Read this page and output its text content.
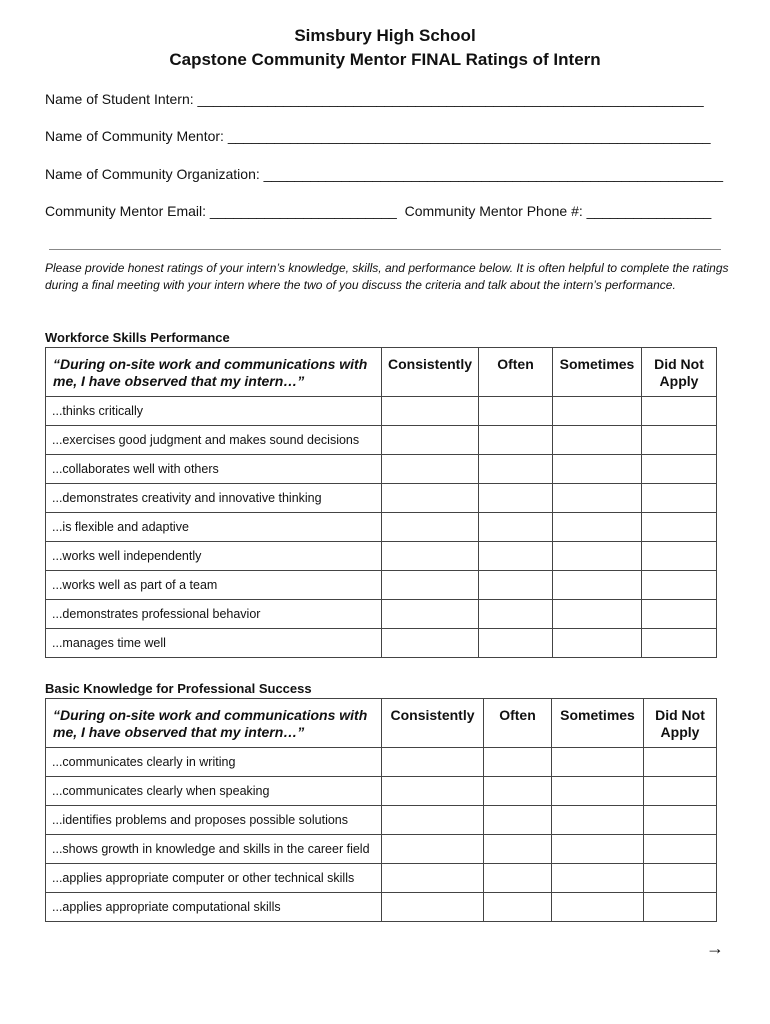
Simsbury High School
Capstone Community Mentor FINAL Ratings of Intern
Name of Student Intern: _________________________________________________________________
Name of Community Mentor: ______________________________________________________________
Name of Community Organization: ___________________________________________________________
Community Mentor Email: ________________________  Community Mentor Phone #: ________________
Please provide honest ratings of your intern’s knowledge, skills, and performance below. It is often helpful to complete the ratings during a final meeting with your intern where the two of you discuss the criteria and talk about the intern’s performance.
Workforce Skills Performance
“During on-site work and communications with me, I have observed that my intern…”	Consistently	Often	Sometimes	Did Not Apply
...thinks critically				
...exercises good judgment and makes sound decisions				
...collaborates well with others				
...demonstrates creativity and innovative thinking				
...is flexible and adaptive				
...works well independently				
...works well as part of a team				
...demonstrates professional behavior				
...manages time well				
Basic Knowledge for Professional Success
“During on-site work and communications with me, I have observed that my intern…”	Consistently	Often	Sometimes	Did Not Apply
...communicates clearly in writing				
...communicates clearly when speaking				
...identifies problems and proposes possible solutions				
...shows growth in knowledge and skills in the career field				
...applies appropriate computer or other technical skills				
...applies appropriate computational skills				
→
